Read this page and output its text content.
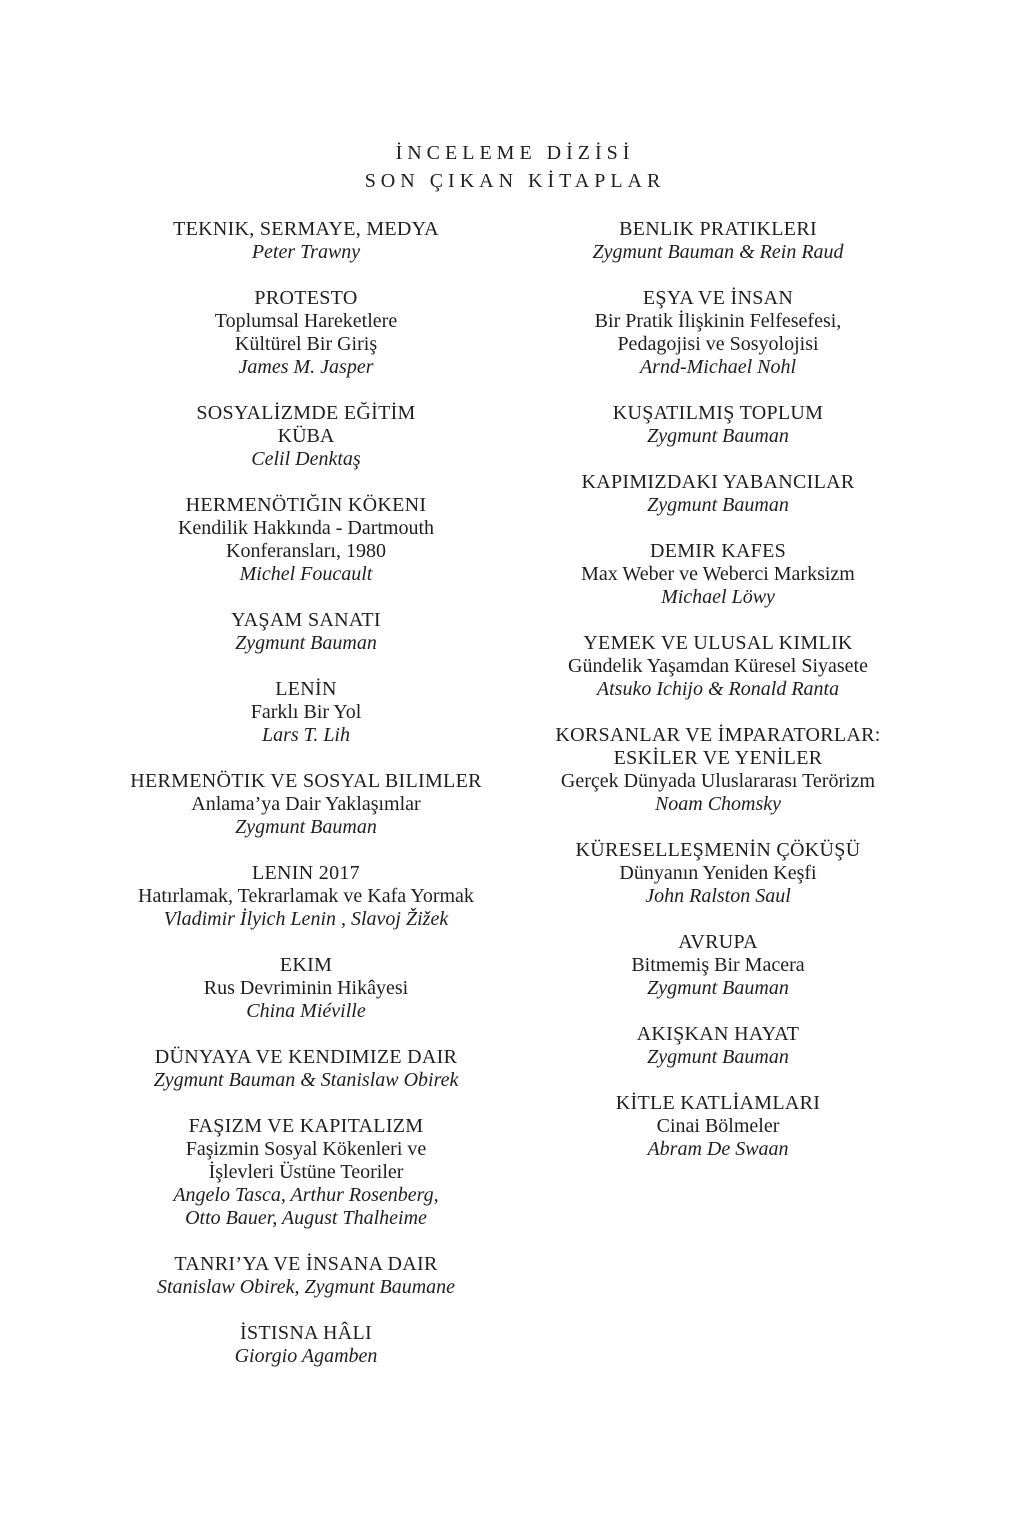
İNCELEME DİZİSİ
SON ÇIKAN KİTAPLAR
TEKNIK, SERMAYE, MEDYA
Peter Trawny
PROTESTO
Toplumsal Hareketlere
Kültürel Bir Giriş
James M. Jasper
SOSYALİZMDE EĞİTİM
KÜBA
Celil Denktaş
HERMENÖTIĞIN KÖKENI
Kendilik Hakkında - Dartmouth
Konferansları, 1980
Michel Foucault
YAŞAM SANATI
Zygmunt Bauman
LENİN
Farklı Bir Yol
Lars T. Lih
HERMENÖTIK VE SOSYAL BILIMLER
Anlama’ya Dair Yaklaşımlar
Zygmunt Bauman
LENIN 2017
Hatırlamak, Tekrarlamak ve Kafa Yormak
Vladimir İlyich Lenin , Slavoj Žižek
EKIM
Rus Devriminin Hikâyesi
China Miéville
DÜNYAYA VE KENDIMIZE DAIR
Zygmunt Bauman & Stanislaw Obirek
FAŞIZM VE KAPITALIZM
Faşizmin Sosyal Kökenleri ve
İşlevleri Üstüne Teoriler
Angelo Tasca, Arthur Rosenberg,
Otto Bauer, August Thalheime
TANRI’YA VE İNSANA DAIR
Stanislaw Obirek, Zygmunt Baumane
İSTISNA HÂLI
Giorgio Agamben
BENLIK PRATIKLERI
Zygmunt Bauman & Rein Raud
EŞYA VE İNSAN
Bir Pratik İlişkinin Felfesefesi,
Pedagojisi ve Sosyolojisi
Arnd-Michael Nohl
KUŞATILMIŞ TOPLUM
Zygmunt Bauman
KAPIMIZDAKI YABANCILAR
Zygmunt Bauman
DEMIR KAFES
Max Weber ve Weberci Marksizm
Michael Löwy
YEMEK VE ULUSAL KIMLIK
Gündelik Yaşamdan Küresel Siyasete
Atsuko Ichijo & Ronald Ranta
KORSANLAR VE İMPARATORLAR:
ESKİLER VE YENİLER
Gerçek Dünyada Uluslararası Terörizm
Noam Chomsky
KÜRESELLEŞMENİN ÇÖKÜŞÜ
Dünyanın Yeniden Keşfi
John Ralston Saul
AVRUPA
Bitmemiş Bir Macera
Zygmunt Bauman
AKIŞKAN HAYAT
Zygmunt Bauman
KİTLE KATLİAMLARI
Cinai Bölmeler
Abram De Swaan
